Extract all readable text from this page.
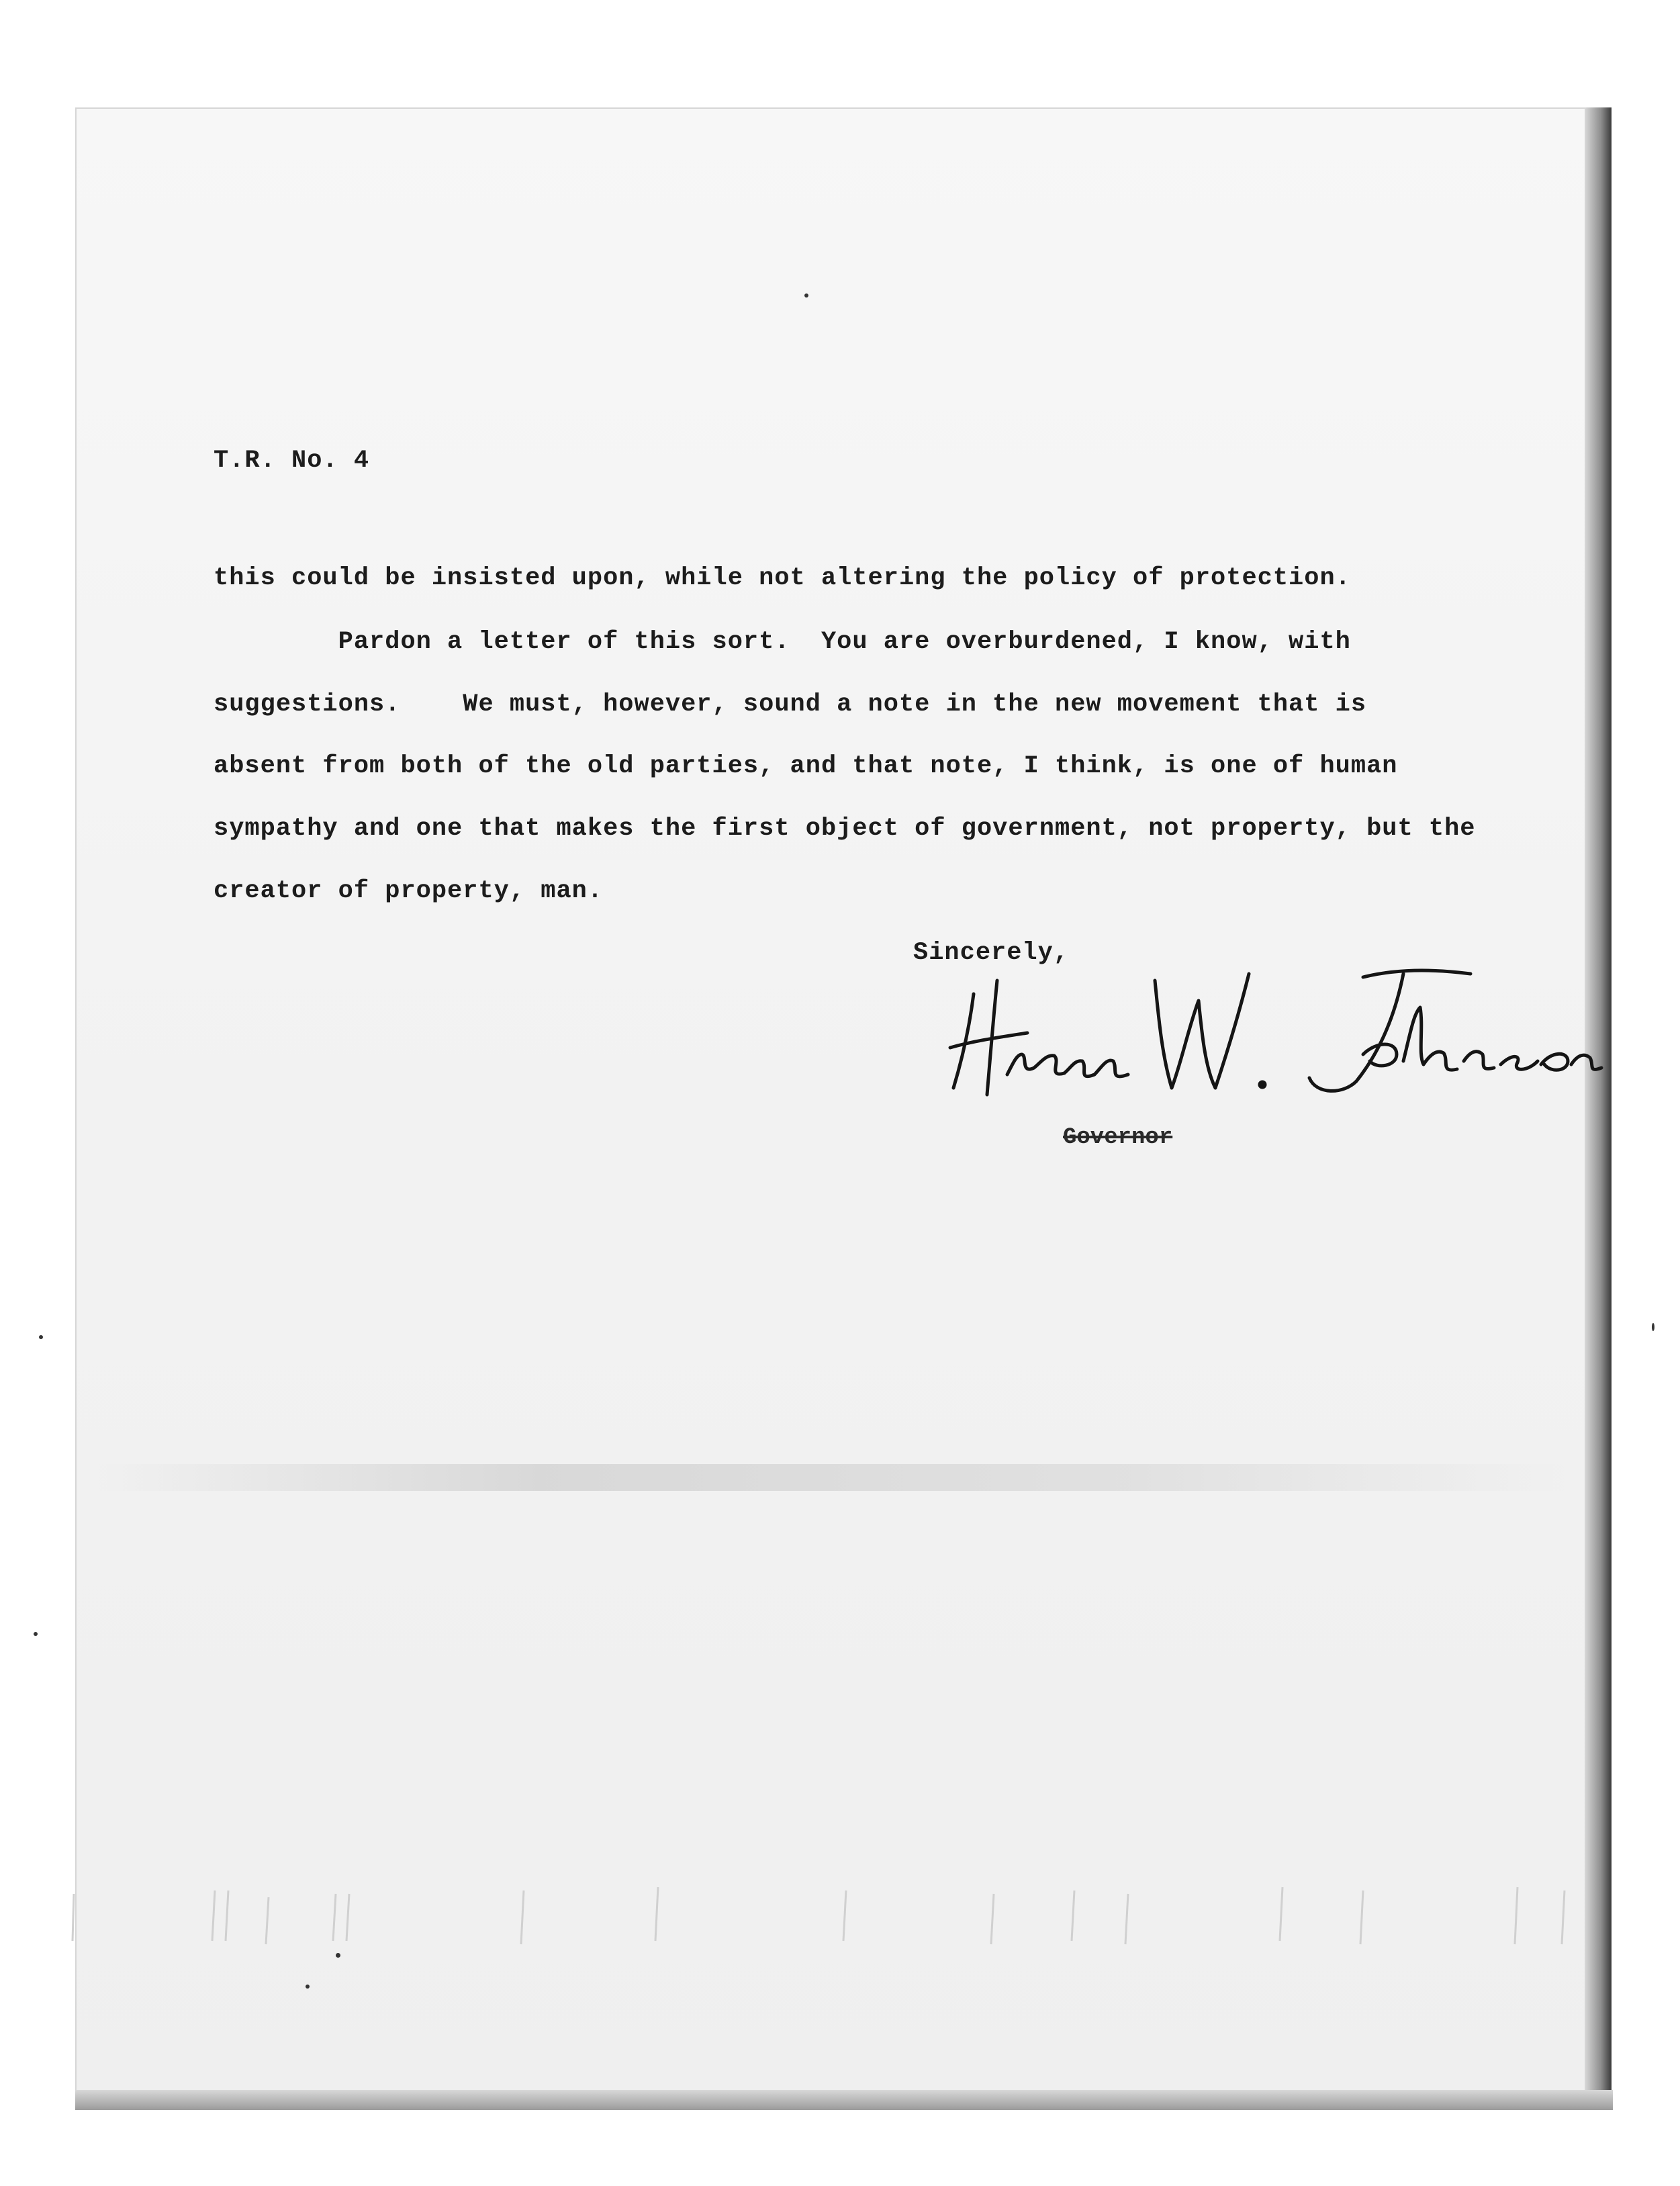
T.R. No. 4
this could be insisted upon, while not altering the policy of protection.
Pardon a letter of this sort.  You are overburdened, I know, with
suggestions.    We must, however, sound a note in the new movement that is
absent from both of the old parties, and that note, I think, is one of human
sympathy and one that makes the first object of government, not property, but the
creator of property, man.
Sincerely,
Governor
